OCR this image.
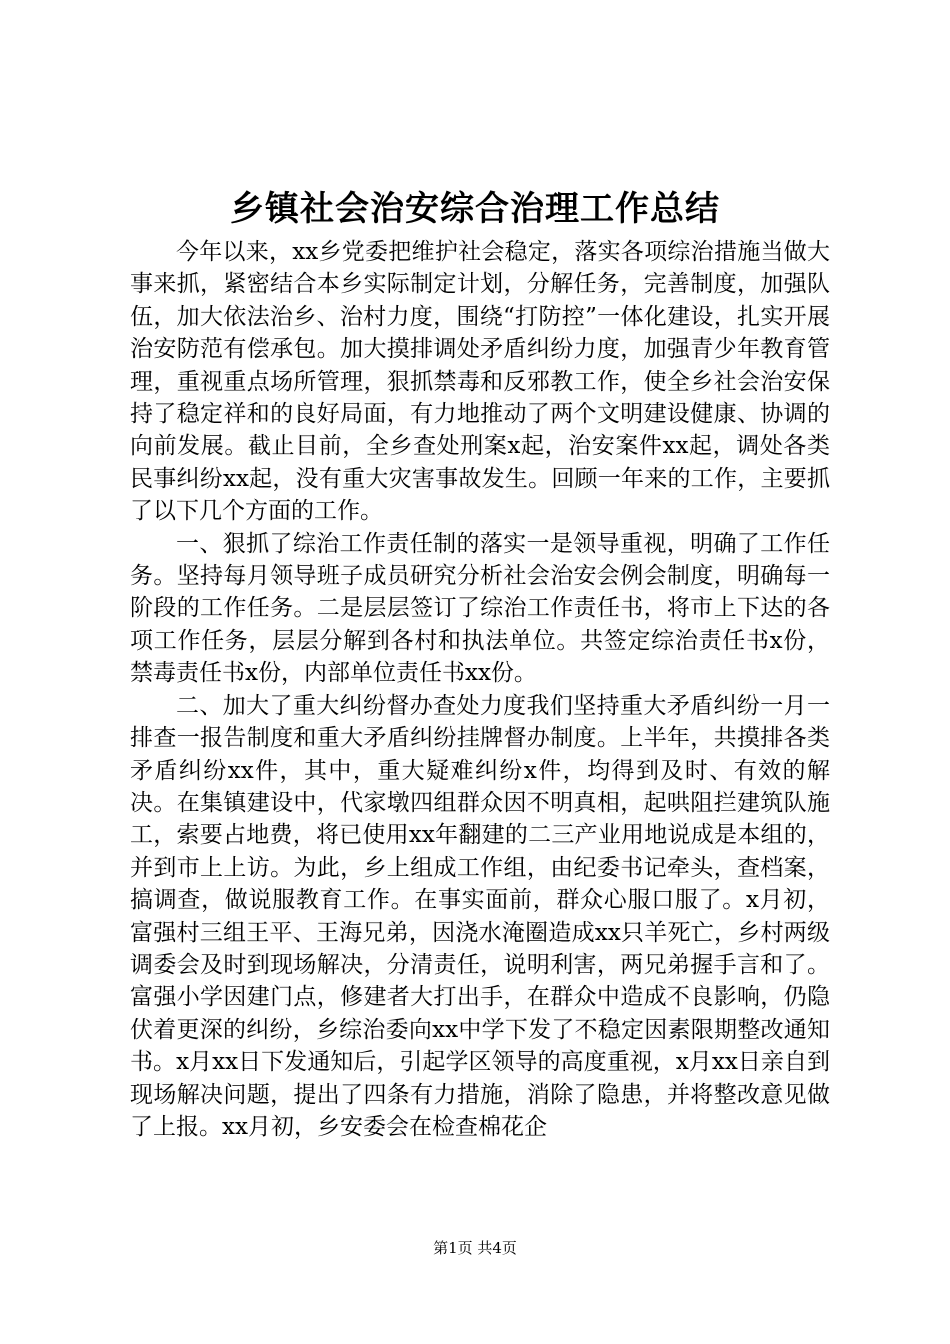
乡镇社会治安综合治理工作总结

今年以来，xx乡党委把维护社会稳定，落实各项综治措施当做大事来抓，紧密结合本乡实际制定计划，分解任务，完善制度，加强队伍，加大依法治乡、治村力度，围绕“打防控”一体化建设，扎实开展治安防范有偿承包。加大摸排调处矛盾纠纷力度，加强青少年教育管理，重视重点场所管理，狠抓禁毒和反邪教工作，使全乡社会治安保持了稳定祥和的良好局面，有力地推动了两个文明建设健康、协调的向前发展。截止目前，全乡查处刑案x起，治安案件xx起，调处各类民事纠纷xx起，没有重大灾害事故发生。回顾一年来的工作，主要抓了以下几个方面的工作。

一、狠抓了综治工作责任制的落实一是领导重视，明确了工作任务。坚持每月领导班子成员研究分析社会治安会例会制度，明确每一阶段的工作任务。二是层层签订了综治工作责任书，将市上下达的各项工作任务，层层分解到各村和执法单位。共签定综治责任书x份，禁毒责任书x份，内部单位责任书xx份。

二、加大了重大纠纷督办查处力度我们坚持重大矛盾纠纷一月一排查一报告制度和重大矛盾纠纷挂牌督办制度。上半年，共摸排各类矛盾纠纷xx件，其中，重大疑难纠纷x件，均得到及时、有效的解决。在集镇建设中，代家墩四组群众因不明真相，起哄阻拦建筑队施工，索要占地费，将已使用xx年翻建的二三产业用地说成是本组的，并到市上上访。为此，乡上组成工作组，由纪委书记牵头，查档案，搞调查，做说服教育工作。在事实面前，群众心服口服了。x月初，富强村三组王平、王海兄弟，因浇水淹圈造成xx只羊死亡，乡村两级调委会及时到现场解决，分清责任，说明利害，两兄弟握手言和了。富强小学因建门点，修建者大打出手，在群众中造成不良影响，仍隐伏着更深的纠纷，乡综治委向xx中学下发了不稳定因素限期整改通知书。x月xx日下发通知后，引起学区领导的高度重视，x月xx日亲自到现场解决问题，提出了四条有力措施，消除了隐患，并将整改意见做了上报。xx月初，乡安委会在检查棉花企

第1页 共4页
